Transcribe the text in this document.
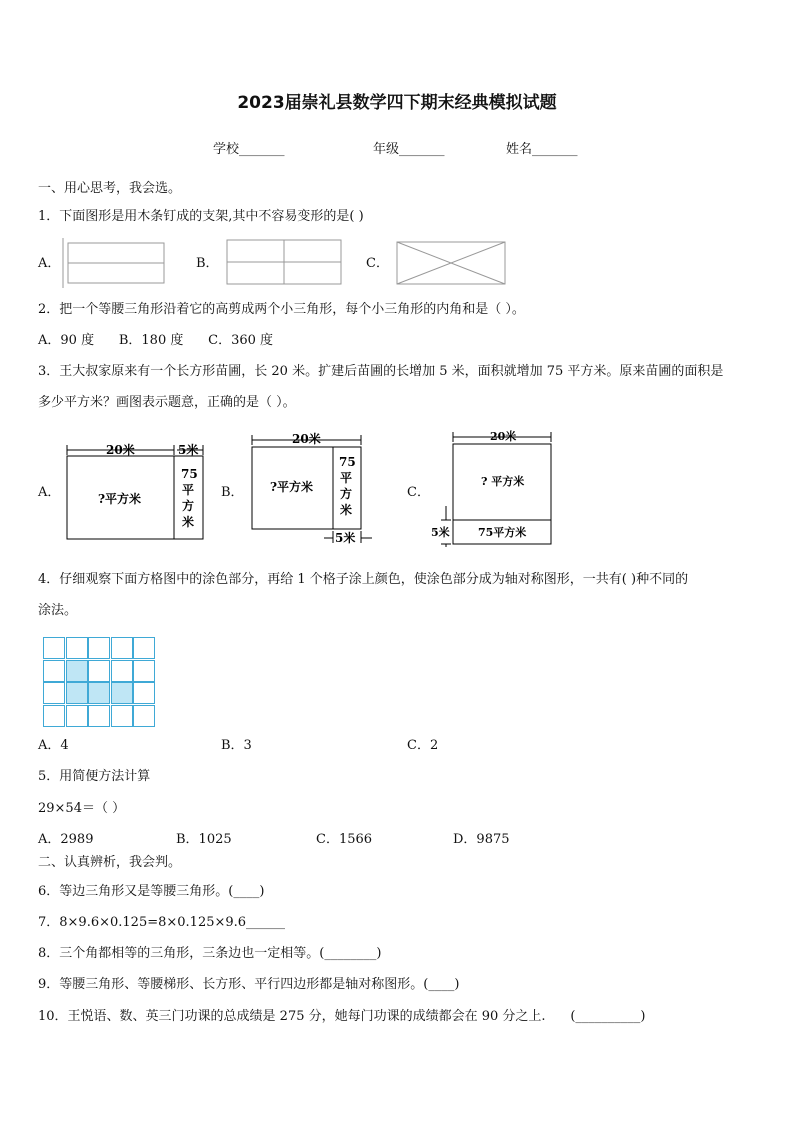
2023届崇礼县数学四下期末经典模拟试题
学校_______	年级_______	姓名_______
一、用心思考，我会选。
1．下面图形是用木条钉成的支架,其中不容易变形的是( )
A．	B．	C．
2．把一个等腰三角形沿着它的高剪成两个小三角形，每个小三角形的内角和是（ ）。
A．90 度      B．180 度      C．360 度
3．王大叔家原来有一个长方形苗圃，长 20 米。扩建后苗圃的长增加 5 米，面积就增加 75 平方米。原来苗圃的面积是
多少平方米？画图表示题意，正确的是（ ）。
A．
20米	5米
?平方米
75
平
方
米
B．
20米
?平方米
75
平
方
米
5米
C．
20米
? 平方米
5米	75平方米
4．仔细观察下面方格图中的涂色部分，再给 1 个格子涂上颜色，使涂色部分成为轴对称图形，一共有( )种不同的
涂法。
A．4	B．3	C．2
5．用简便方法计算
29×54＝（ ）
A．2989	B．1025	C．1566	D．9875
二、认真辨析，我会判。
6．等边三角形又是等腰三角形。(____)
7．8×9.6×0.125=8×0.125×9.6______
8．三个角都相等的三角形，三条边也一定相等。(________)
9．等腰三角形、等腰梯形、长方形、平行四边形都是轴对称图形。(____)
10．王悦语、数、英三门功课的总成绩是 275 分，她每门功课的成绩都会在 90 分之上.      (__________)
